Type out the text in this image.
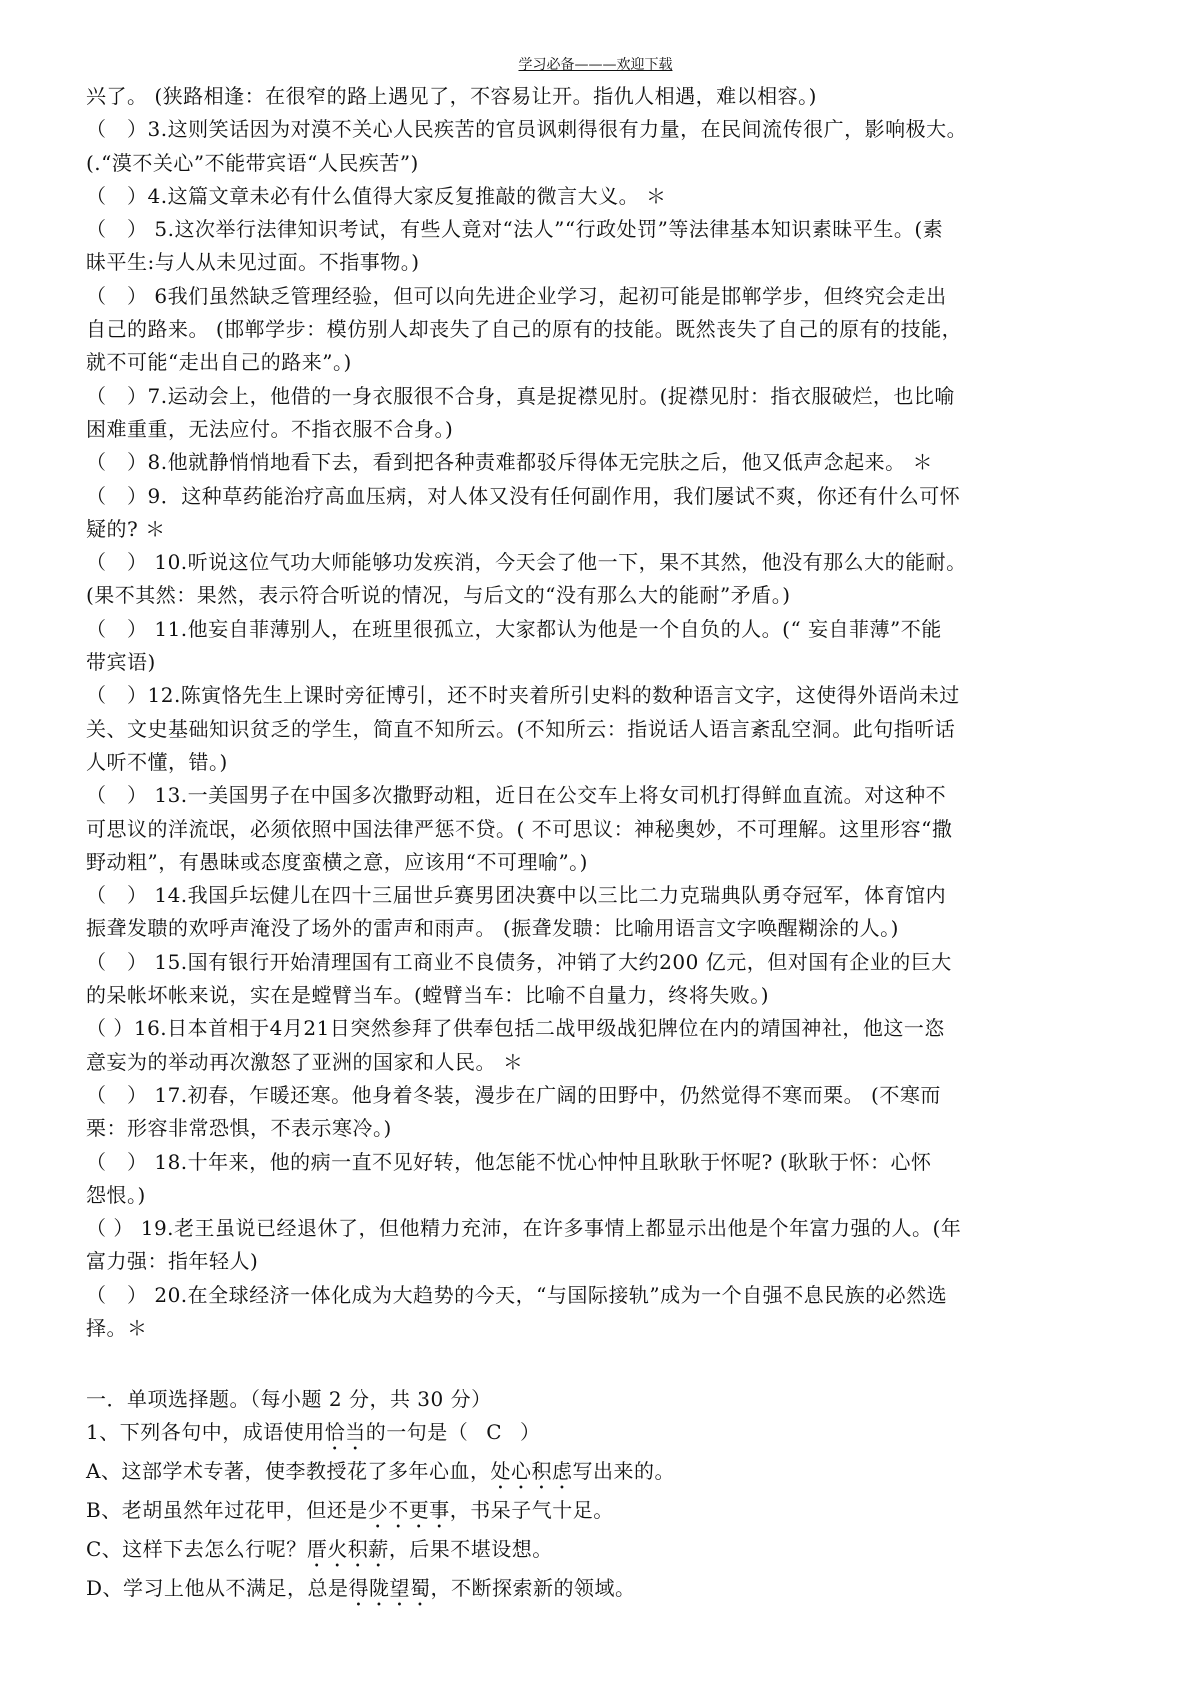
学习必备———欢迎下载

兴了。 (狭路相逢：在很窄的路上遇见了，不容易让开。指仇人相遇，难以相容。)

（　）3.这则笑话因为对漠不关心人民疾苦的官员讽刺得很有力量，在民间流传很广，影响极大。

(.“漠不关心”不能带宾语“人民疾苦”)

（　）4.这篇文章未必有什么值得大家反复推敲的微言大义。 ＊

（　） 5.这次举行法律知识考试，有些人竟对“法人”“行政处罚”等法律基本知识素昧平生。(素

昧平生:与人从未见过面。不指事物。)

（　） 6我们虽然缺乏管理经验，但可以向先进企业学习，起初可能是邯郸学步，但终究会走出

自己的路来。 (邯郸学步：模仿别人却丧失了自己的原有的技能。既然丧失了自己的原有的技能，

就不可能“走出自己的路来”。)

（　）7.运动会上，他借的一身衣服很不合身，真是捉襟见肘。(捉襟见肘：指衣服破烂，也比喻

困难重重，无法应付。不指衣服不合身。)

（　）8.他就静悄悄地看下去，看到把各种责难都驳斥得体无完肤之后，他又低声念起来。 ＊

（　）9．这种草药能治疗高血压病，对人体又没有任何副作用，我们屡试不爽，你还有什么可怀

疑的? ＊

（　） 10.听说这位气功大师能够功发疾消，今天会了他一下，果不其然，他没有那么大的能耐。

(果不其然：果然，表示符合听说的情况，与后文的“没有那么大的能耐”矛盾。)

（　） 11.他妄自菲薄别人，在班里很孤立，大家都认为他是一个自负的人。(“ 妄自菲薄”不能

带宾语)

（　）12.陈寅恪先生上课时旁征博引，还不时夹着所引史料的数种语言文字，这使得外语尚未过

关、文史基础知识贫乏的学生，简直不知所云。(不知所云：指说话人语言紊乱空洞。此句指听话

人听不懂，错。)

（　） 13.一美国男子在中国多次撒野动粗，近日在公交车上将女司机打得鲜血直流。对这种不

可思议的洋流氓，必须依照中国法律严惩不贷。( 不可思议：神秘奥妙，不可理解。这里形容“撒

野动粗”，有愚昧或态度蛮横之意，应该用“不可理喻”。)

（　） 14.我国乒坛健儿在四十三届世乒赛男团决赛中以三比二力克瑞典队勇夺冠军，体育馆内

振聋发聩的欢呼声淹没了场外的雷声和雨声。 (振聋发聩：比喻用语言文字唤醒糊涂的人。)

（　） 15.国有银行开始清理国有工商业不良债务，冲销了大约200 亿元，但对国有企业的巨大

的呆帐坏帐来说，实在是螳臂当车。(螳臂当车：比喻不自量力，终将失败。)

（ ）16.日本首相于4月21日突然参拜了供奉包括二战甲级战犯牌位在内的靖国神社，他这一恣

意妄为的举动再次激怒了亚洲的国家和人民。 ＊

（　） 17.初春，乍暖还寒。他身着冬装，漫步在广阔的田野中，仍然觉得不寒而栗。 (不寒而

栗：形容非常恐惧，不表示寒冷。)

（　） 18.十年来，他的病一直不见好转，他怎能不忧心忡忡且耿耿于怀呢? (耿耿于怀：心怀

怨恨。)

（ ） 19.老王虽说已经退休了，但他精力充沛，在许多事情上都显示出他是个年富力强的人。(年

富力强：指年轻人)

（　） 20.在全球经济一体化成为大趋势的今天，“与国际接轨”成为一个自强不息民族的必然选

择。＊

一．单项选择题。（每小题 2 分，共 30 分）

1、下列各句中，成语使用恰当的一句是（ C ）

A、这部学术专著，使李教授花了多年心血，处心积虑写出来的。

B、老胡虽然年过花甲，但还是少不更事，书呆子气十足。

C、这样下去怎么行呢？厝火积薪，后果不堪设想。

D、学习上他从不满足，总是得陇望蜀，不断探索新的领域。
